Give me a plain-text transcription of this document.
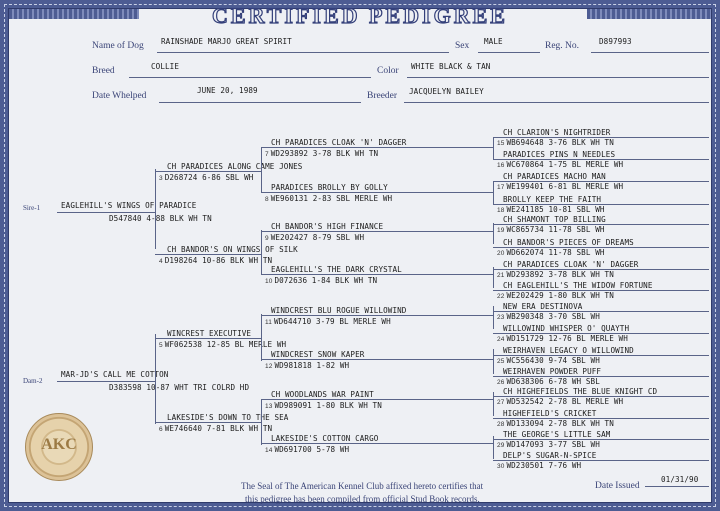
CERTIFIED PEDIGREE
Name of Dog RAINSHADE MARJO GREAT SPIRIT	Sex MALE	Reg. No.	D897993
Breed	COLLIE	Color WHITE BLACK & TAN
Date Whelped
JUNE 20, 1989
Breeder JACQUELYN BAILEY
Sire-1	EAGLEHILL'S WINGS OF PARADICE
D547840 4-88 BLK WH TN
Dam-2
MAR-JD'S CALL ME COTTON
D383598 10-87 WHT TRI COLRD HD
CH PARADICES ALONG CAME JONES
3 D268724 6-86 SBL WH
CH BANDOR'S ON WINGS OF SILK
4 D198264 10-86 BLK WH TN
WINCREST EXECUTIVE
5 WF062538 12-85 BL MERLE WH
LAKESIDE'S DOWN TO THE SEA
6 WE746640 7-81 BLK WH TN
CH PARADICES CLOAK 'N' DAGGER
7 WD293892 3-78 BLK WH TN
PARADICES BROLLY BY GOLLY
8 WE960131 2-83 SBL MERLE WH
CH BANDOR'S HIGH FINANCE
9 WE202427 8-79 SBL WH
EAGLEHILL'S THE DARK CRYSTAL
10 D072636 1-84 BLK WH TN
WINDCREST BLU ROGUE WILLOWIND
11 WD644710 3-79 BL MERLE WH
WINDCREST SNOW KAPER
12 WD981818 1-82 WH
CH WOODLANDS WAR PAINT
13 WD989091 1-80 BLK WH TN
LAKESIDE'S COTTON CARGO
14 WD691700 5-78 WH
CH CLARION'S NIGHTRIDER
15 WB694648 3-76 BLK WH TN
PARADICES PINS N NEEDLES
16 WC670864 1-75 BL MERLE WH
CH PARADICES MACHO MAN
17 WE199401 6-81 BL MERLE WH
BROLLY KEEP THE FAITH
18 WE241185 10-81 SBL WH
CH SHAMONT TOP BILLING
19 WC865734 11-78 SBL WH
CH BANDOR'S PIECES OF DREAMS
20 WD662074 11-78 SBL WH
CH PARADICES CLOAK 'N' DAGGER
21 WD293892 3-78 BLK WH TN
CH EAGLEHILL'S THE WIDOW FORTUNE
22 WE202429 1-80 BLK WH TN
NEW ERA DESTINOVA
23 WB290348 3-70 SBL WH
WILLOWIND WHISPER O' QUAYTH
24 WD151729 12-76 BL MERLE WH
WEIRHAVEN LEGACY O WILLOWIND
25 WC556430 9-74 SBL WH
WEIRHAVEN POWDER PUFF
26 WD638306 6-78 WH SBL
CH HIGHEFIELDS THE BLUE KNIGHT CD
27 WD532542 2-78 BL MERLE WH
HIGHEFIELD'S CRICKET
28 WD133094 2-78 BLK WH TN
THE GEORGE'S LITTLE SAM
29 WD147093 3-77 SBL WH
DELP'S SUGAR-N-SPICE
30 WD230501 7-76 WH
AKC
The Seal of The American Kennel Club affixed hereto certifies that
this pedigree has been compiled from official Stud Book records.
Date Issued
01/31/90
